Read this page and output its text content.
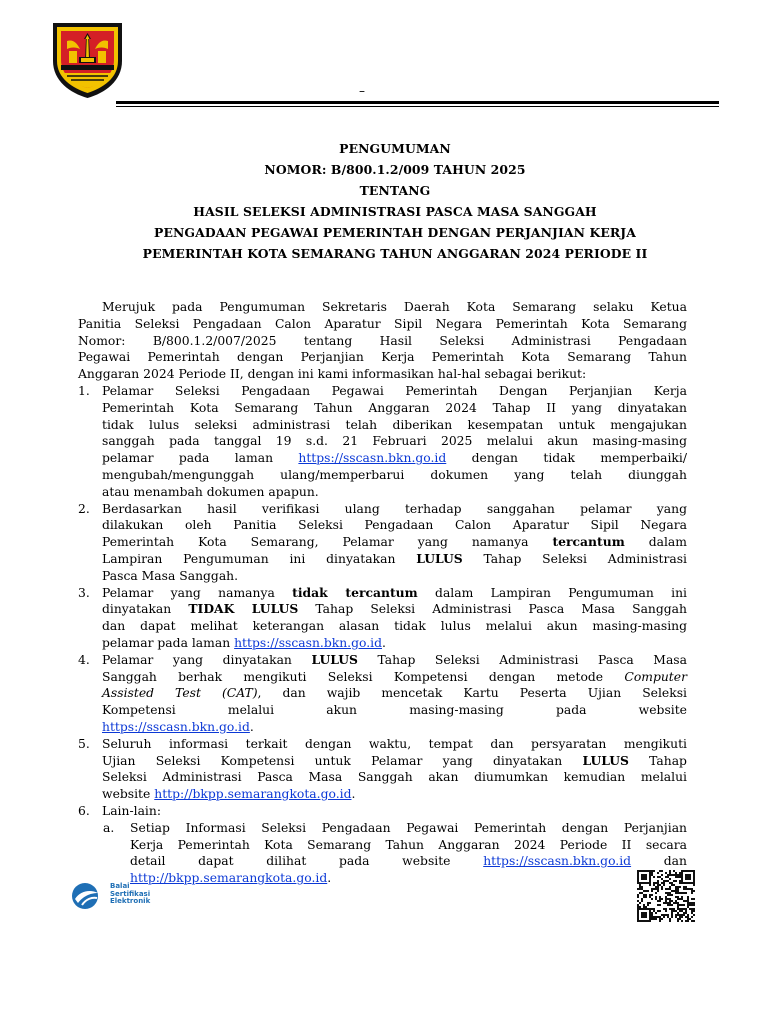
–
PENGUMUMAN
NOMOR: B/800.1.2/009 TAHUN 2025
TENTANG
HASIL SELEKSI ADMINISTRASI PASCA MASA SANGGAH
PENGADAAN PEGAWAI PEMERINTAH DENGAN PERJANJIAN KERJA
PEMERINTAH KOTA SEMARANG TAHUN ANGGARAN 2024 PERIODE II
Merujuk pada Pengumuman Sekretaris Daerah Kota Semarang selaku Ketua
Panitia Seleksi Pengadaan Calon Aparatur Sipil Negara Pemerintah Kota Semarang
Nomor: B/800.1.2/007/2025 tentang Hasil Seleksi Administrasi Pengadaan
Pegawai Pemerintah dengan Perjanjian Kerja Pemerintah Kota Semarang Tahun
Anggaran 2024 Periode II, dengan ini kami informasikan hal-hal sebagai berikut:
1. Pelamar Seleksi Pengadaan Pegawai Pemerintah Dengan Perjanjian Kerja
Pemerintah Kota Semarang Tahun Anggaran 2024 Tahap II yang dinyatakan
tidak lulus seleksi administrasi telah diberikan kesempatan untuk mengajukan
sanggah pada tanggal 19 s.d. 21 Februari 2025 melalui akun masing-masing
pelamar pada laman https://sscasn.bkn.go.id dengan tidak memperbaiki/
mengubah/mengunggah ulang/memperbarui dokumen yang telah diunggah
atau menambah dokumen apapun.
2. Berdasarkan hasil verifikasi ulang terhadap sanggahan pelamar yang
dilakukan oleh Panitia Seleksi Pengadaan Calon Aparatur Sipil Negara
Pemerintah Kota Semarang, Pelamar yang namanya tercantum dalam
Lampiran Pengumuman ini dinyatakan LULUS Tahap Seleksi Administrasi
Pasca Masa Sanggah.
3. Pelamar yang namanya tidak tercantum dalam Lampiran Pengumuman ini
dinyatakan TIDAK LULUS Tahap Seleksi Administrasi Pasca Masa Sanggah
dan dapat melihat keterangan alasan tidak lulus melalui akun masing-masing
pelamar pada laman https://sscasn.bkn.go.id.
4. Pelamar yang dinyatakan LULUS Tahap Seleksi Administrasi Pasca Masa
Sanggah berhak mengikuti Seleksi Kompetensi dengan metode Computer
Assisted Test (CAT), dan wajib mencetak Kartu Peserta Ujian Seleksi
Kompetensi melalui akun masing-masing pada website
https://sscasn.bkn.go.id.
5. Seluruh informasi terkait dengan waktu, tempat dan persyaratan mengikuti
Ujian Seleksi Kompetensi untuk Pelamar yang dinyatakan LULUS Tahap
Seleksi Administrasi Pasca Masa Sanggah akan diumumkan kemudian melalui
website http://bkpp.semarangkota.go.id.
6. Lain-lain:
a. Setiap Informasi Seleksi Pengadaan Pegawai Pemerintah dengan Perjanjian
Kerja Pemerintah Kota Semarang Tahun Anggaran 2024 Periode II secara
detail dapat dilihat pada website	https://sscasn.bkn.go.id	dan
http://bkpp.semarangkota.go.id.
Balai
Sertifikasi
Elektronik
